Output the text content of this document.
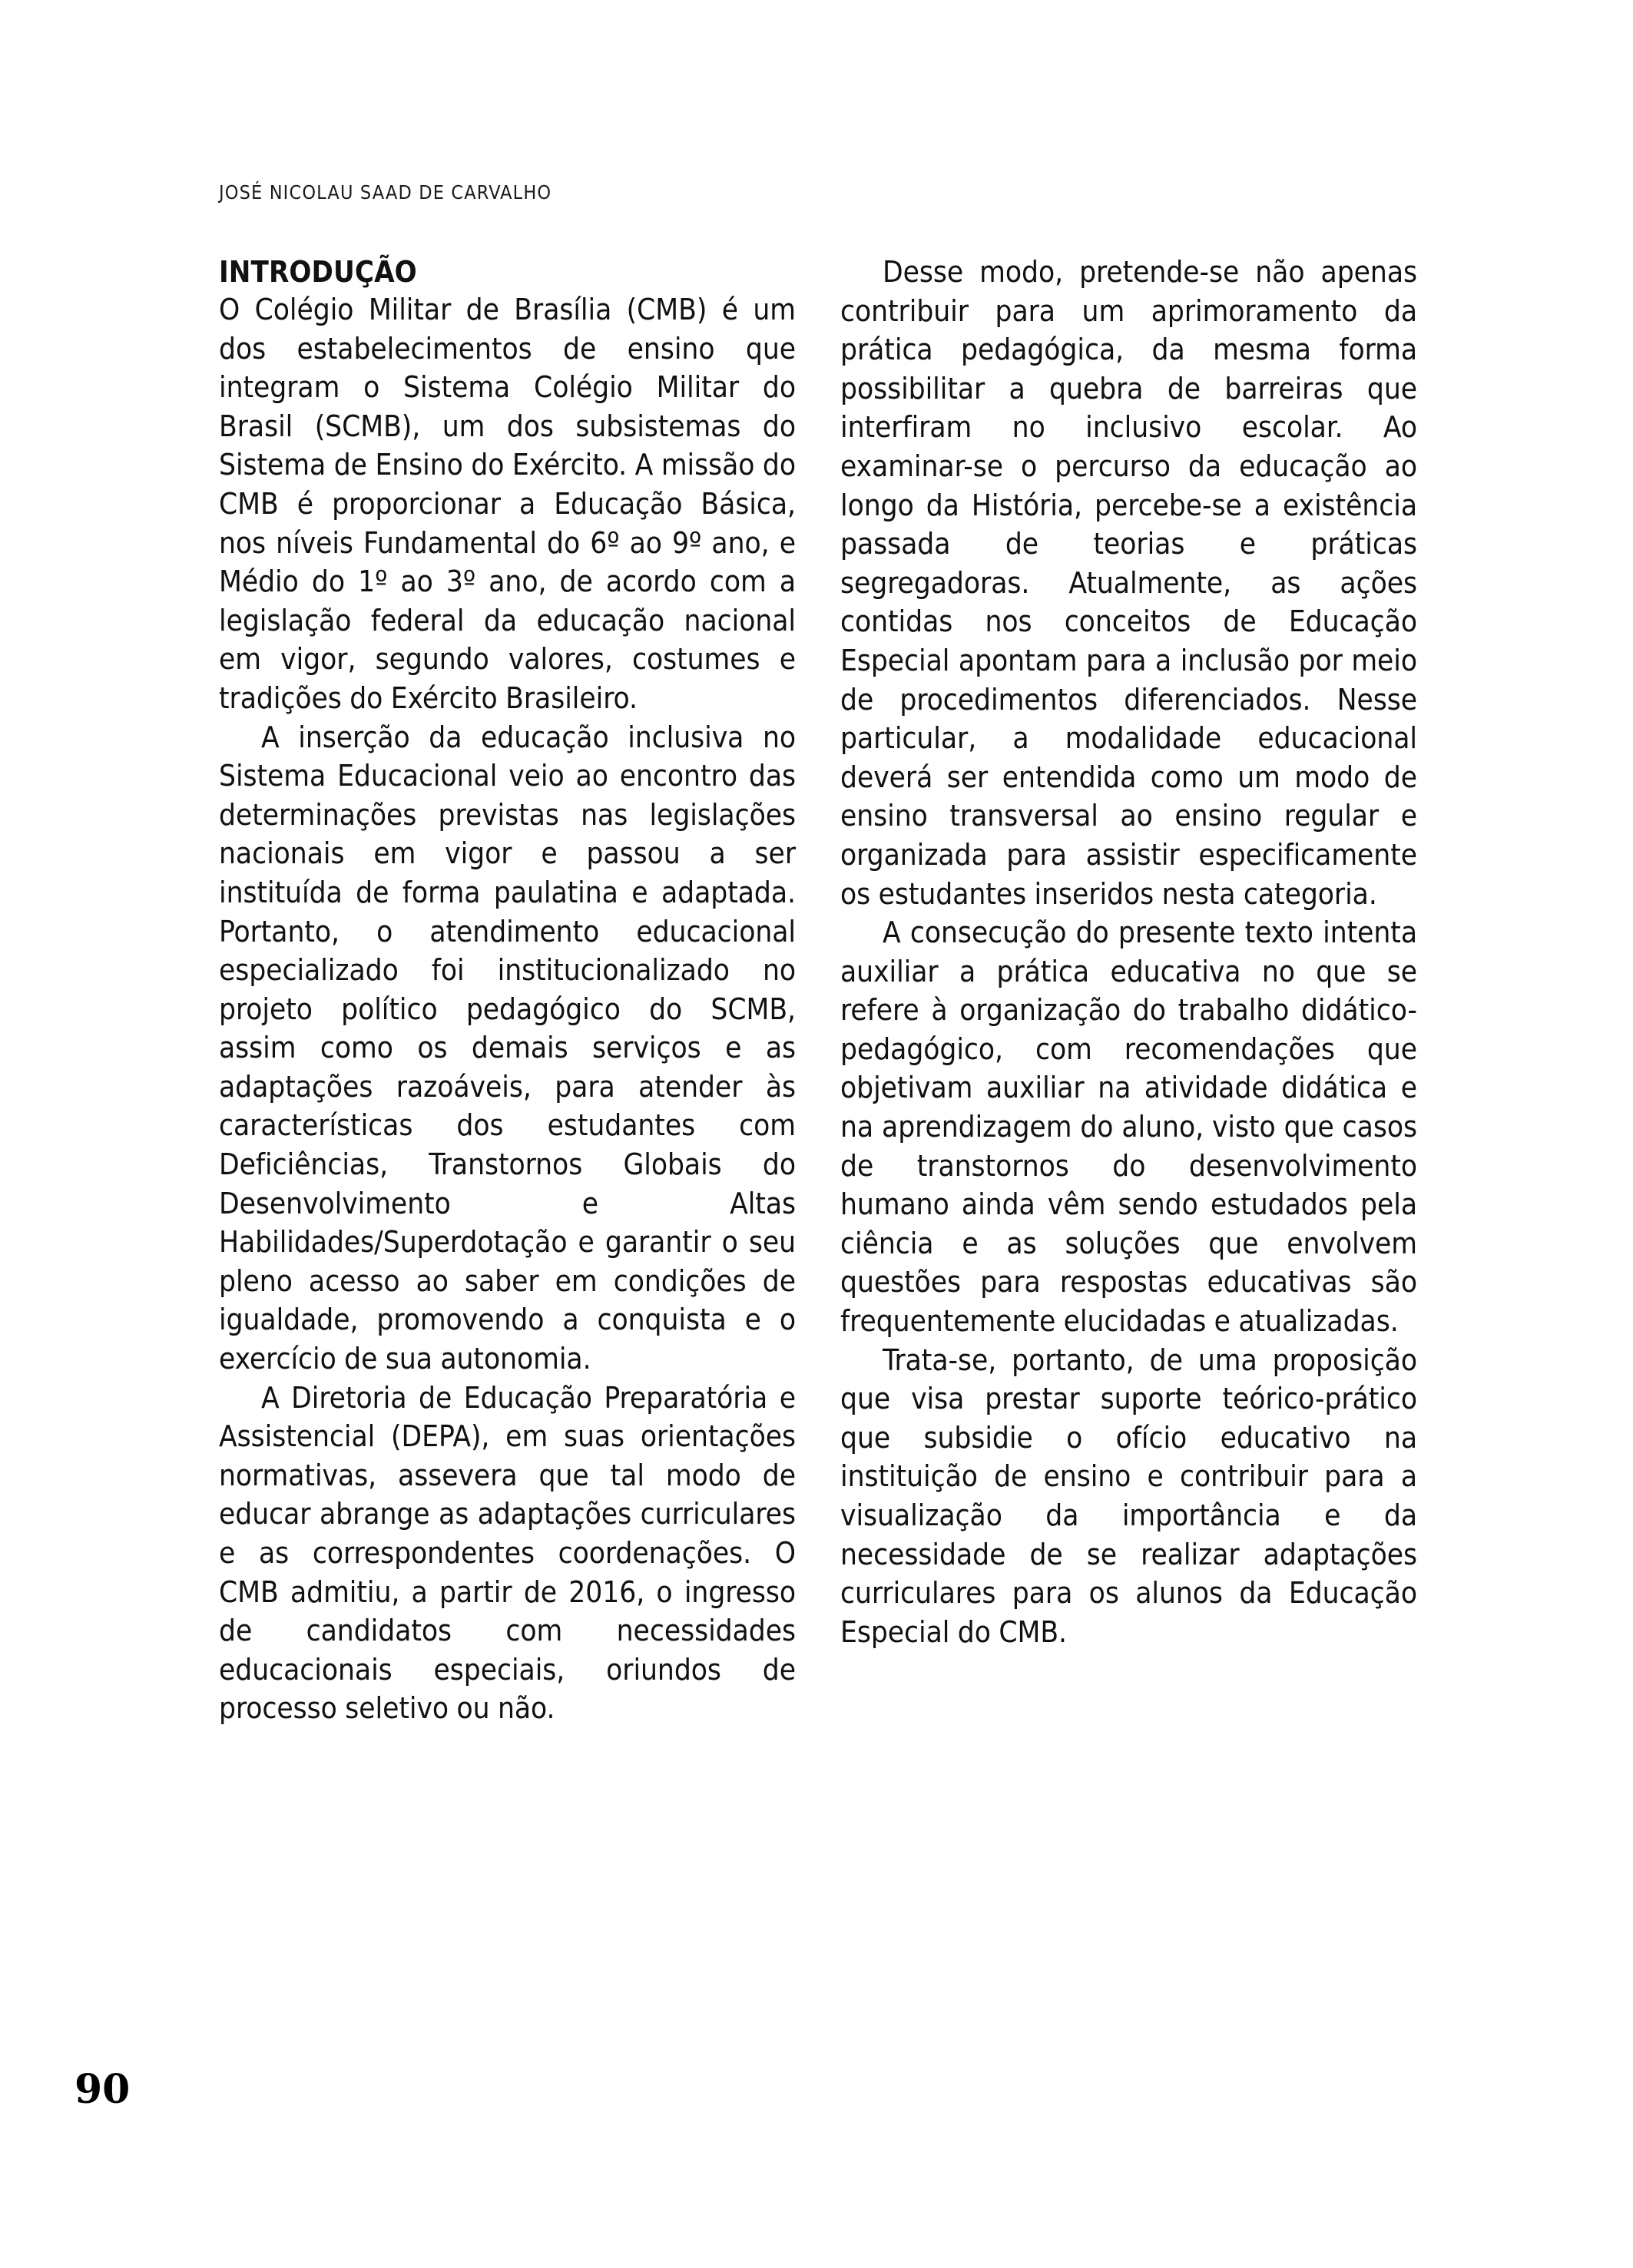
JOSÉ NICOLAU SAAD DE CARVALHO
INTRODUÇÃO

O Colégio Militar de Brasília (CMB) é um dos estabelecimentos de ensino que integram o Sistema Colégio Militar do Brasil (SCMB), um dos subsistemas do Sistema de Ensino do Exército. A missão do CMB é proporcionar a Educação Básica, nos níveis Fundamental do 6º ao 9º ano, e Médio do 1º ao 3º ano, de acordo com a legislação federal da educação nacional em vigor, segundo valores, costumes e tradições do Exército Brasileiro.

A inserção da educação inclusiva no Sistema Educacional veio ao encontro das determinações previstas nas legislações nacionais em vigor e passou a ser instituída de forma paulatina e adaptada. Portanto, o atendimento educacional especializado foi institucionalizado no projeto político pedagógico do SCMB, assim como os demais serviços e as adaptações razoáveis, para atender às características dos estudantes com Deficiências, Transtornos Globais do Desenvolvimento e Altas Habilidades/Superdotação e garantir o seu pleno acesso ao saber em condições de igualdade, promovendo a conquista e o exercício de sua autonomia.

A Diretoria de Educação Preparatória e Assistencial (DEPA), em suas orientações normativas, assevera que tal modo de educar abrange as adaptações curriculares e as correspondentes coordenações. O CMB admitiu, a partir de 2016, o ingresso de candidatos com necessidades educacionais especiais, oriundos de processo seletivo ou não.

Desse modo, pretende-se não apenas contribuir para um aprimoramento da prática pedagógica, da mesma forma possibilitar a quebra de barreiras que interfiram no inclusivo escolar. Ao examinar-se o percurso da educação ao longo da História, percebe-se a existência passada de teorias e práticas segregadoras. Atualmente, as ações contidas nos conceitos de Educação Especial apontam para a inclusão por meio de procedimentos diferenciados. Nesse particular, a modalidade educacional deverá ser entendida como um modo de ensino transversal ao ensino regular e organizada para assistir especificamente os estudantes inseridos nesta categoria.

A consecução do presente texto intenta auxiliar a prática educativa no que se refere à organização do trabalho didático-pedagógico, com recomendações que objetivam auxiliar na atividade didática e na aprendizagem do aluno, visto que casos de transtornos do desenvolvimento humano ainda vêm sendo estudados pela ciência e as soluções que envolvem questões para respostas educativas são frequentemente elucidadas e atualizadas.

Trata-se, portanto, de uma proposição que visa prestar suporte teórico-prático que subsidie o ofício educativo na instituição de ensino e contribuir para a visualização da importância e da necessidade de se realizar adaptações curriculares para os alunos da Educação Especial do CMB.

90
